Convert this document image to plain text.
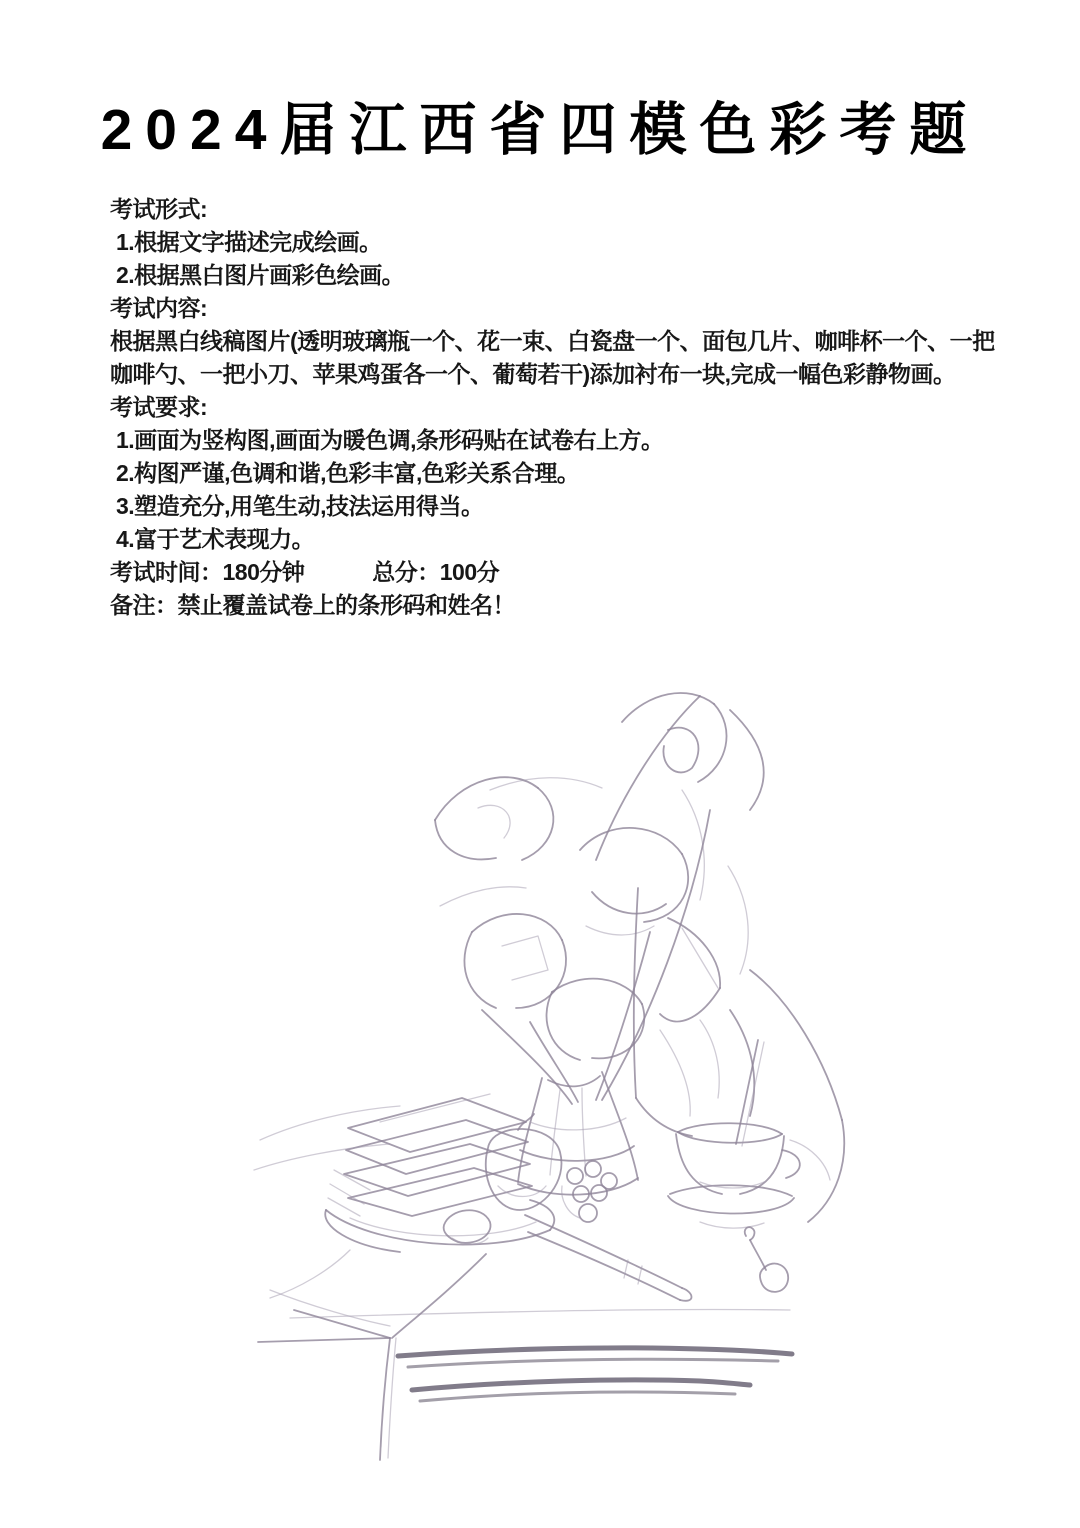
2024届江西省四模色彩考题

考试形式:

1.根据文字描述完成绘画。

2.根据黑白图片画彩色绘画。

考试内容:

根据黑白线稿图片(透明玻璃瓶一个、花一束、白瓷盘一个、面包几片、咖啡杯一个、一把

咖啡勺、一把小刀、苹果鸡蛋各一个、葡萄若干)添加衬布一块,完成一幅色彩静物画。

考试要求:

1.画面为竖构图,画面为暖色调,条形码贴在试卷右上方。

2.构图严谨,色调和谐,色彩丰富,色彩关系合理。

3.塑造充分,用笔生动,技法运用得当。

4.富于艺术表现力。

考试时间：180分钟	总分：100分

备注：禁止覆盖试卷上的条形码和姓名！
